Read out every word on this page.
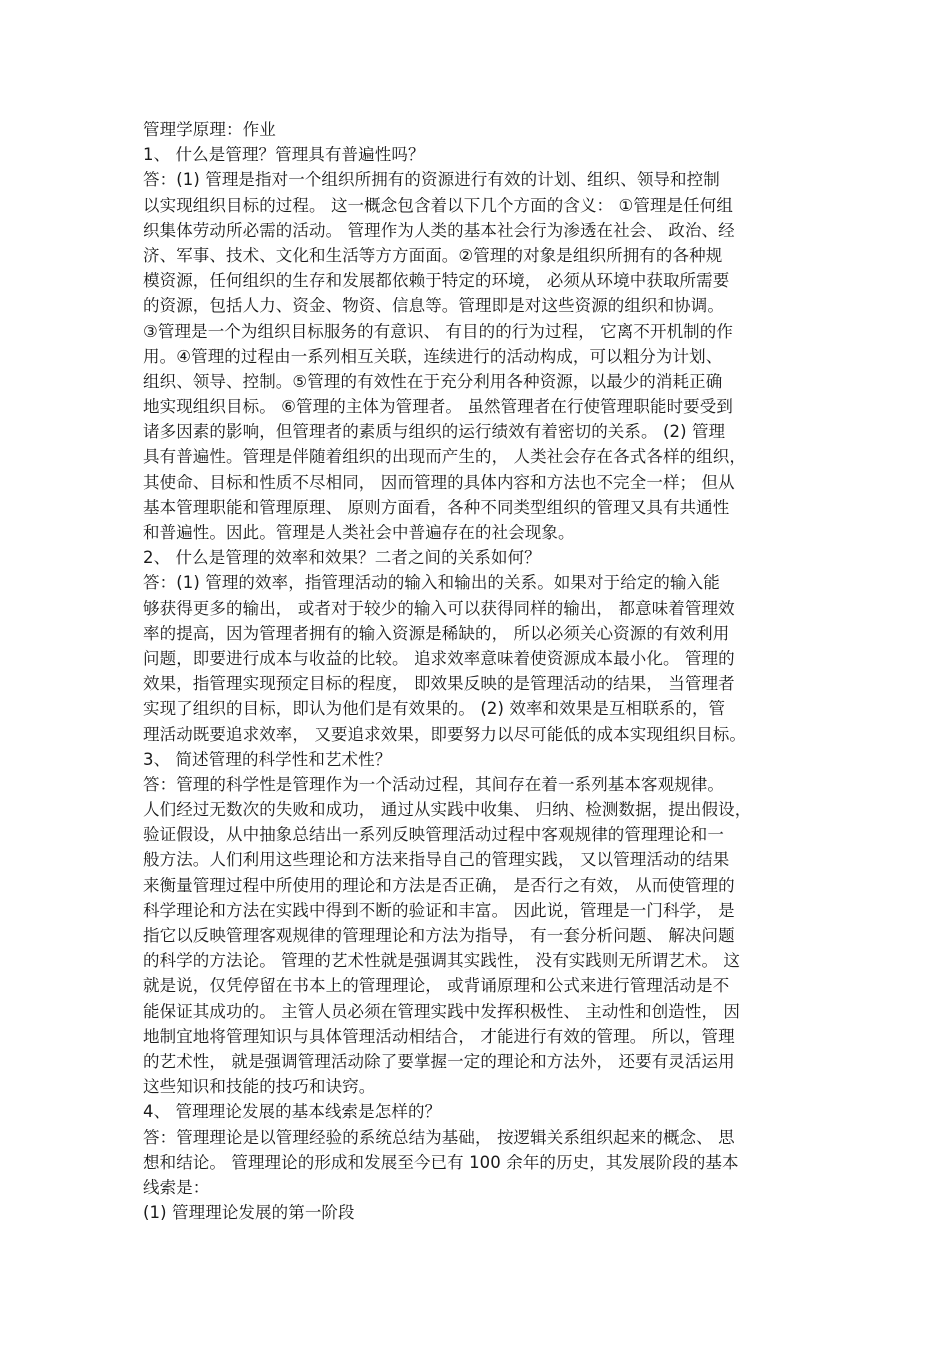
管理学原理：作业
1、 什么是管理？管理具有普遍性吗？
答：(1) 管理是指对一个组织所拥有的资源进行有效的计划、组织、领导和控制
以实现组织目标的过程。 这一概念包含着以下几个方面的含义： ①管理是任何组
织集体劳动所必需的活动。 管理作为人类的基本社会行为渗透在社会、 政治、经
济、军事、技术、文化和生活等方方面面。②管理的对象是组织所拥有的各种规
模资源，任何组织的生存和发展都依赖于特定的环境， 必须从环境中获取所需要
的资源，包括人力、资金、物资、信息等。管理即是对这些资源的组织和协调。
③管理是一个为组织目标服务的有意识、 有目的的行为过程， 它离不开机制的作
用。④管理的过程由一系列相互关联，连续进行的活动构成，可以粗分为计划、
组织、领导、控制。⑤管理的有效性在于充分利用各种资源，以最少的消耗正确
地实现组织目标。 ⑥管理的主体为管理者。 虽然管理者在行使管理职能时要受到
诸多因素的影响，但管理者的素质与组织的运行绩效有着密切的关系。 (2) 管理
具有普遍性。管理是伴随着组织的出现而产生的， 人类社会存在各式各样的组织，
其使命、目标和性质不尽相同， 因而管理的具体内容和方法也不完全一样； 但从
基本管理职能和管理原理、 原则方面看，各种不同类型组织的管理又具有共通性
和普遍性。因此。管理是人类社会中普遍存在的社会现象。
2、 什么是管理的效率和效果？二者之间的关系如何？
答：(1) 管理的效率，指管理活动的输入和输出的关系。如果对于给定的输入能
够获得更多的输出， 或者对于较少的输入可以获得同样的输出， 都意味着管理效
率的提高，因为管理者拥有的输入资源是稀缺的， 所以必须关心资源的有效利用
问题，即要进行成本与收益的比较。 追求效率意味着使资源成本最小化。 管理的
效果，指管理实现预定目标的程度， 即效果反映的是管理活动的结果， 当管理者
实现了组织的目标，即认为他们是有效果的。 (2) 效率和效果是互相联系的，管
理活动既要追求效率， 又要追求效果，即要努力以尽可能低的成本实现组织目标。
3、 简述管理的科学性和艺术性？
答：管理的科学性是管理作为一个活动过程，其间存在着一系列基本客观规律。
人们经过无数次的失败和成功， 通过从实践中收集、 归纳、检测数据，提出假设，
验证假设，从中抽象总结出一系列反映管理活动过程中客观规律的管理理论和一
般方法。人们利用这些理论和方法来指导自己的管理实践， 又以管理活动的结果
来衡量管理过程中所使用的理论和方法是否正确， 是否行之有效， 从而使管理的
科学理论和方法在实践中得到不断的验证和丰富。 因此说，管理是一门科学， 是
指它以反映管理客观规律的管理理论和方法为指导， 有一套分析问题、 解决问题
的科学的方法论。 管理的艺术性就是强调其实践性， 没有实践则无所谓艺术。 这
就是说，仅凭停留在书本上的管理理论， 或背诵原理和公式来进行管理活动是不
能保证其成功的。 主管人员必须在管理实践中发挥积极性、 主动性和创造性， 因
地制宜地将管理知识与具体管理活动相结合， 才能进行有效的管理。 所以，管理
的艺术性， 就是强调管理活动除了要掌握一定的理论和方法外， 还要有灵活运用
这些知识和技能的技巧和诀窍。
4、 管理理论发展的基本线索是怎样的？
答：管理理论是以管理经验的系统总结为基础， 按逻辑关系组织起来的概念、 思
想和结论。 管理理论的形成和发展至今已有 100 余年的历史，其发展阶段的基本
线索是：
(1) 管理理论发展的第一阶段
